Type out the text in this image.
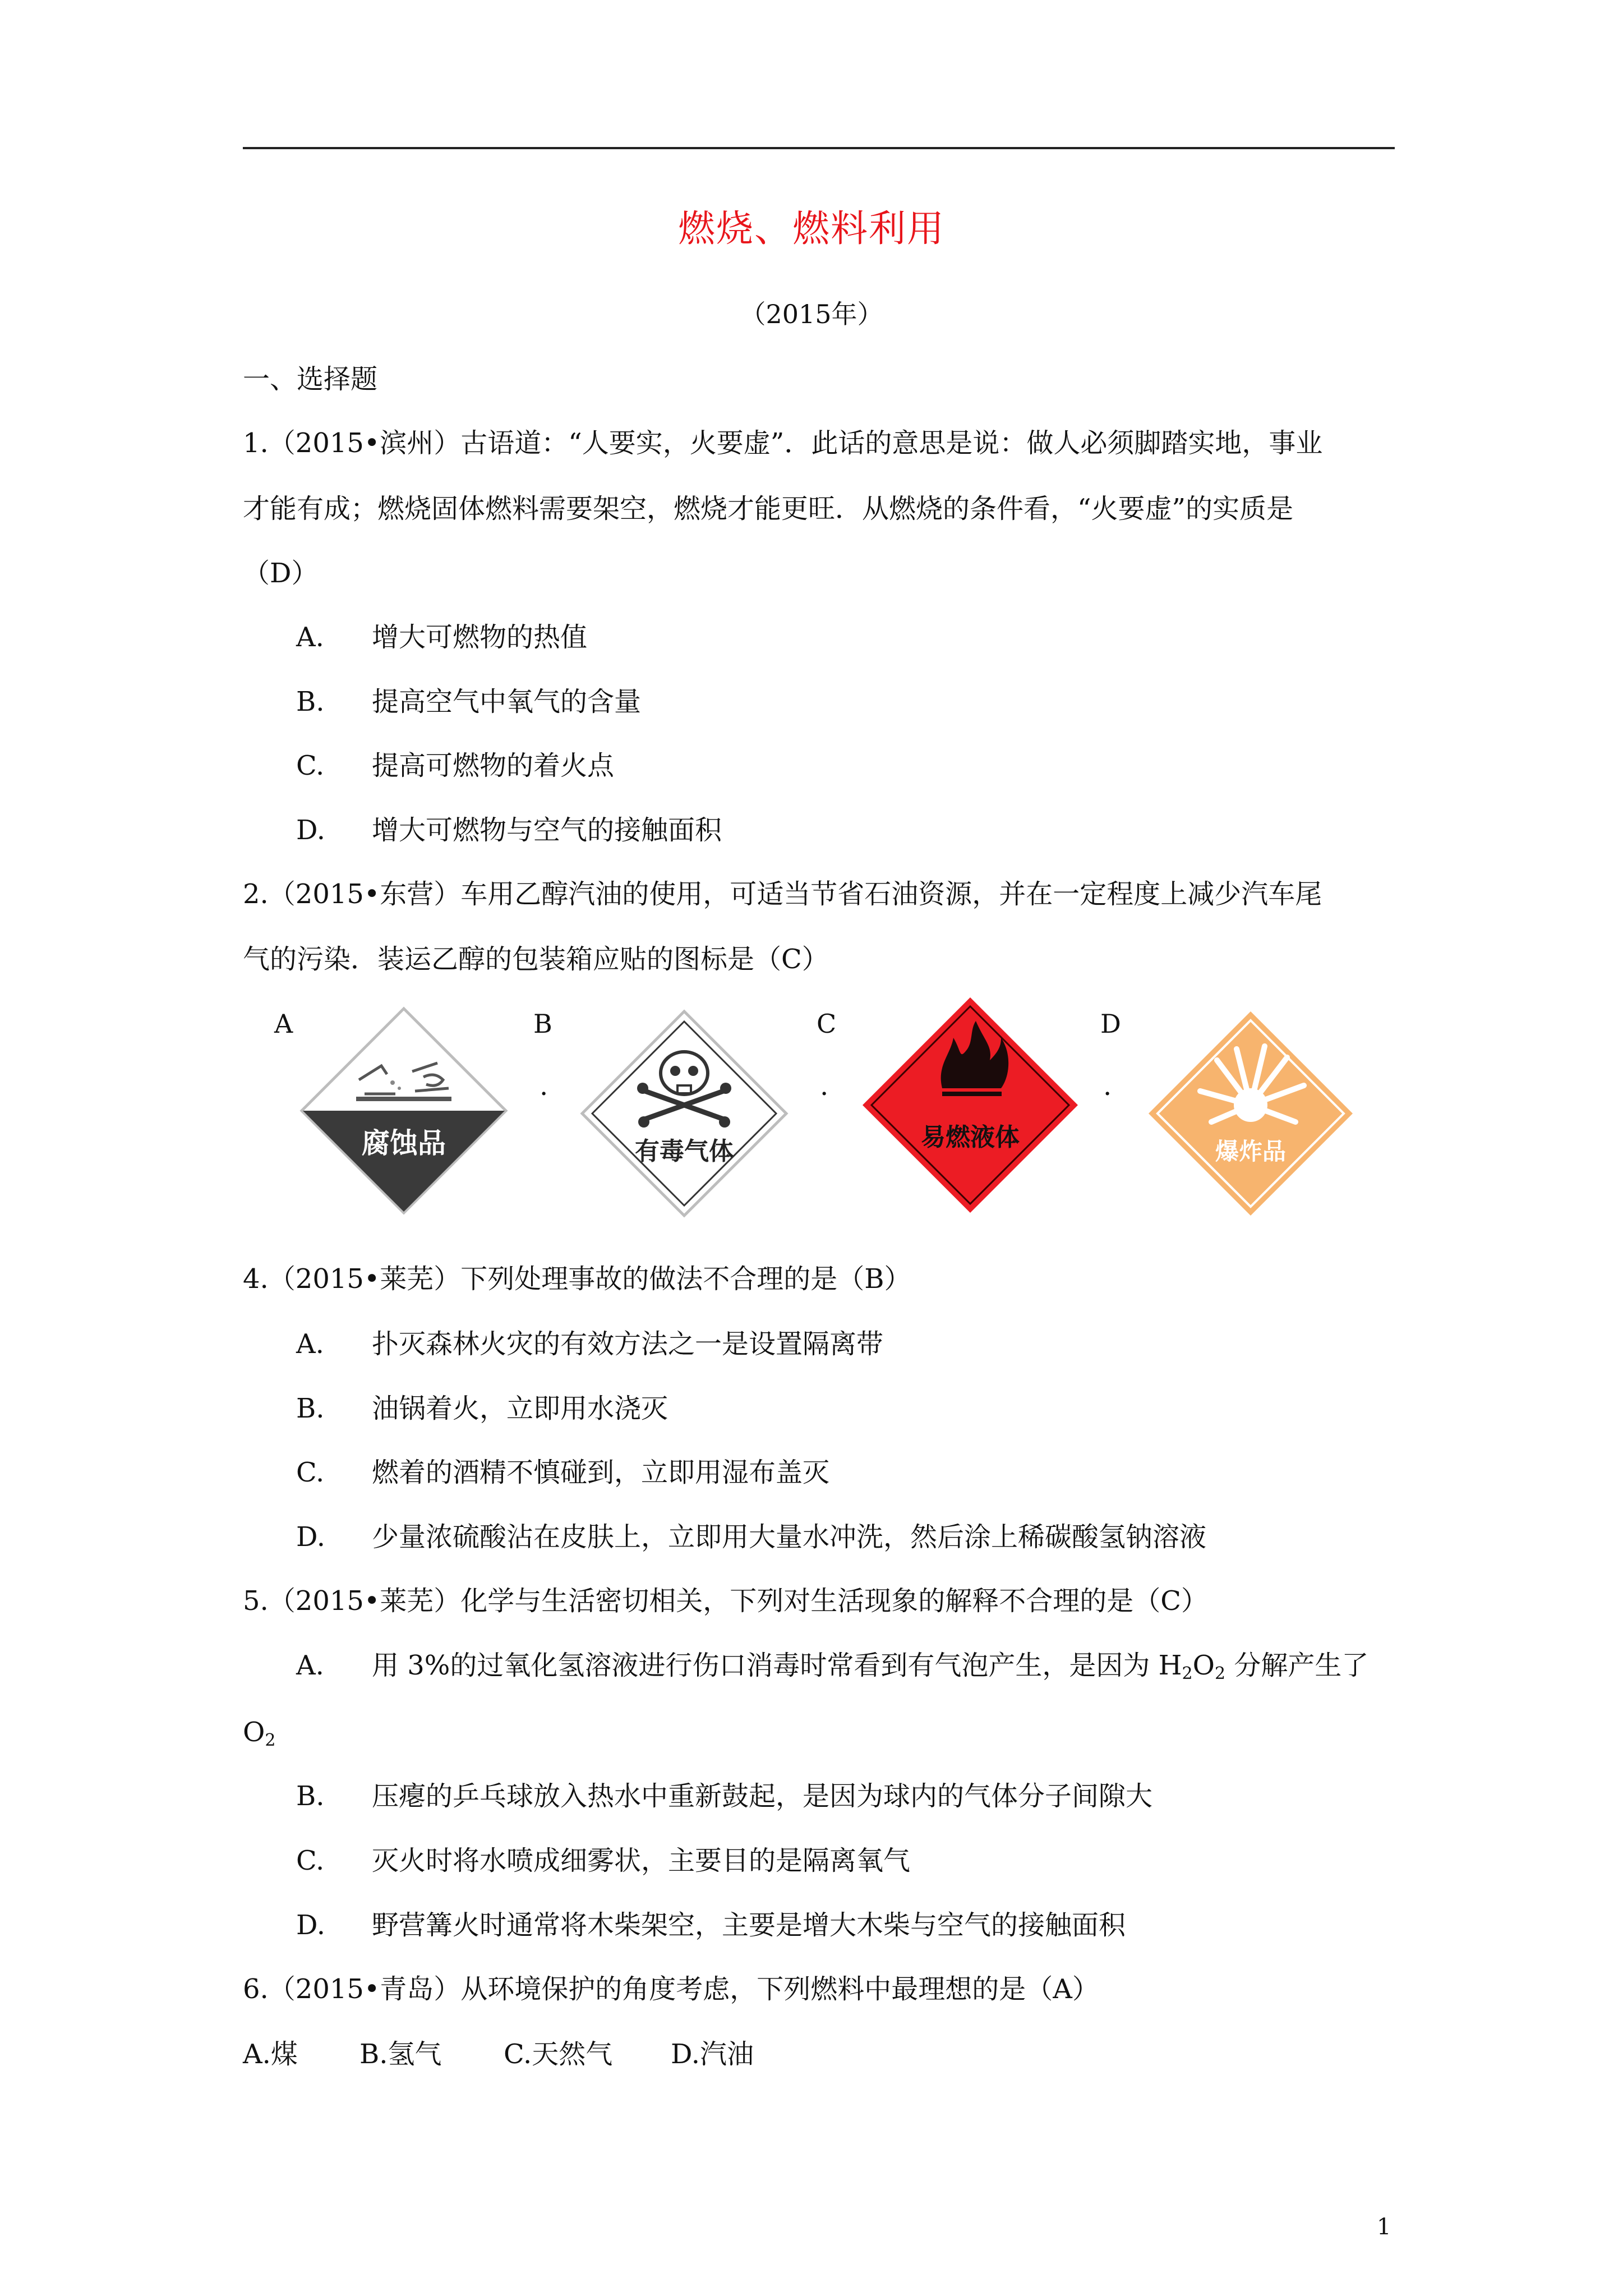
燃烧、燃料利用
（2015年）
一、选择题
1.（2015•滨州）古语道：“人要实，火要虚”．此话的意思是说：做人必须脚踏实地，事业
才能有成；燃烧固体燃料需要架空，燃烧才能更旺．从燃烧的条件看，“火要虚”的实质是
（D）
A. 增大可燃物的热值
B. 提高空气中氧气的含量
C. 提高可燃物的着火点
D. 增大可燃物与空气的接触面积
2.（2015•东营）车用乙醇汽油的使用，可适当节省石油资源，并在一定程度上减少汽车尾
气的污染．装运乙醇的包装箱应贴的图标是（C）
A	B	C	D
.	.	.
腐蚀品	有毒气体	易燃液体	爆炸品
4.（2015•莱芜）下列处理事故的做法不合理的是（B）
A. 扑灭森林火灾的有效方法之一是设置隔离带
B. 油锅着火，立即用水浇灭
C. 燃着的酒精不慎碰到，立即用湿布盖灭
D. 少量浓硫酸沾在皮肤上，立即用大量水冲洗，然后涂上稀碳酸氢钠溶液
5.（2015•莱芜）化学与生活密切相关，下列对生活现象的解释不合理的是（C）
A. 用 3%的过氧化氢溶液进行伤口消毒时常看到有气泡产生，是因为 $H_2O_2$ 分解产生了
$O_2$
B. 压瘪的乒乓球放入热水中重新鼓起，是因为球内的气体分子间隙大
C. 灭火时将水喷成细雾状，主要目的是隔离氧气
D. 野营篝火时通常将木柴架空，主要是增大木柴与空气的接触面积
6.（2015•青岛）从环境保护的角度考虑，下列燃料中最理想的是（A）
A.煤 B.氢气 C.天然气 D.汽油
1
